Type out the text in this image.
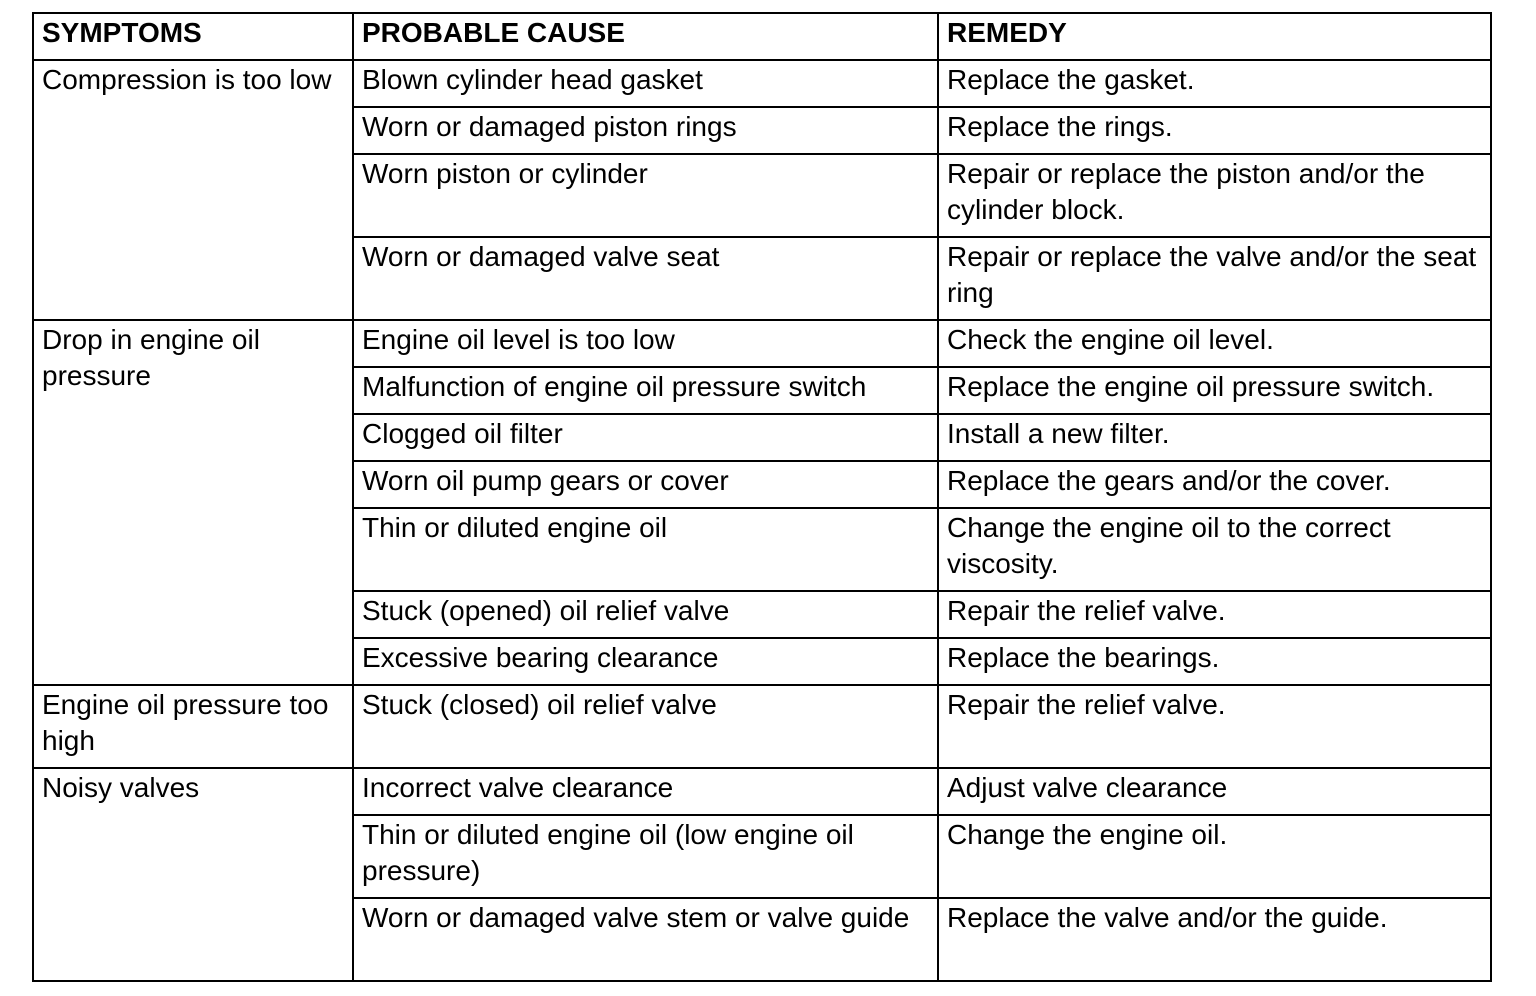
SYMPTOMS	PROBABLE CAUSE	REMEDY
Compression is too low	Blown cylinder head gasket	Replace the gasket.
	Worn or damaged piston rings	Replace the rings.
	Worn piston or cylinder	Repair or replace the piston and/or the cylinder block.
	Worn or damaged valve seat	Repair or replace the valve and/or the seat ring
Drop in engine oil pressure	Engine oil level is too low	Check the engine oil level.
	Malfunction of engine oil pressure switch	Replace the engine oil pressure switch.
	Clogged oil filter	Install a new filter.
	Worn oil pump gears or cover	Replace the gears and/or the cover.
	Thin or diluted engine oil	Change the engine oil to the correct viscosity.
	Stuck (opened) oil relief valve	Repair the relief valve.
	Excessive bearing clearance	Replace the bearings.
Engine oil pressure too high	Stuck (closed) oil relief valve	Repair the relief valve.
Noisy valves	Incorrect valve clearance	Adjust valve clearance
	Thin or diluted engine oil (low engine oil pressure)	Change the engine oil.
	Worn or damaged valve stem or valve guide	Replace the valve and/or the guide.
